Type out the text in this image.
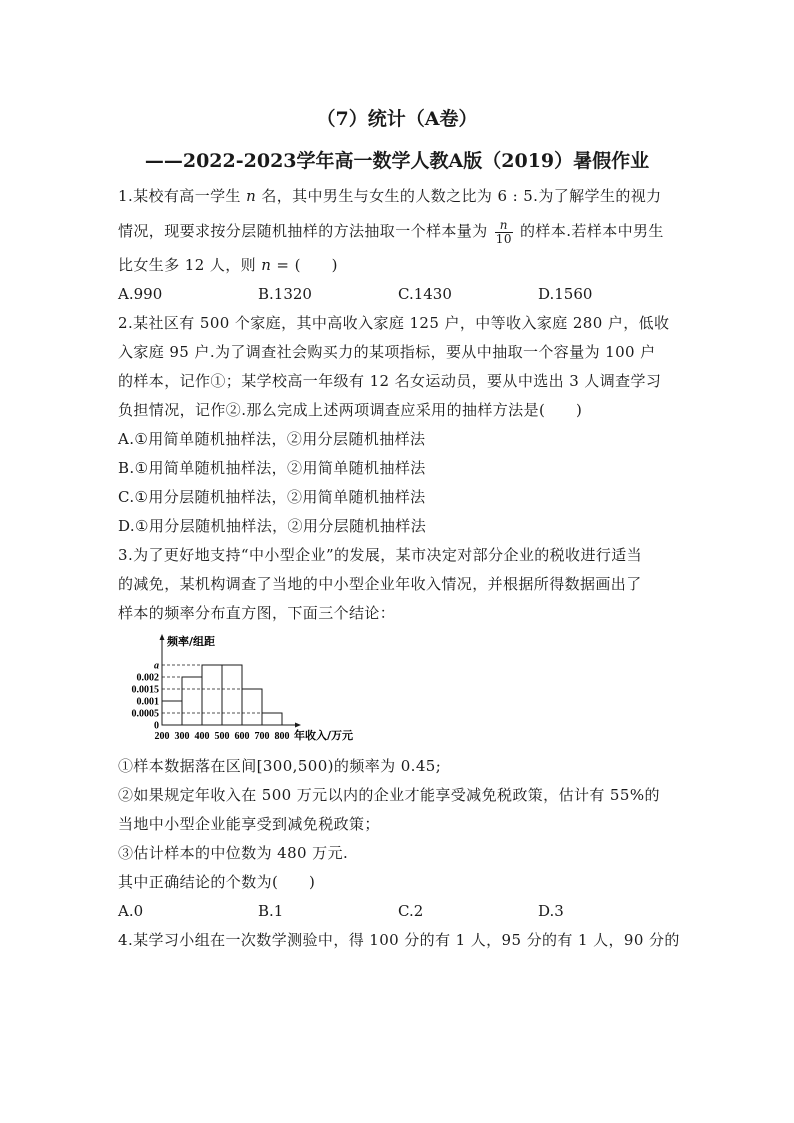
（7）统计（A卷）
——2022-2023学年高一数学人教A版（2019）暑假作业
1.某校有高一学生 n 名，其中男生与女生的人数之比为 6 : 5.为了解学生的视力
情况，现要求按分层随机抽样的方法抽取一个样本量为 $\frac{n}{10}$ 的样本.若样本中男生
比女生多 12 人，则 n = (　　)
A.990	B.1320	C.1430	D.1560
2.某社区有 500 个家庭，其中高收入家庭 125 户，中等收入家庭 280 户，低收
入家庭 95 户.为了调查社会购买力的某项指标，要从中抽取一个容量为 100 户
的样本，记作①；某学校高一年级有 12 名女运动员，要从中选出 3 人调查学习
负担情况，记作②.那么完成上述两项调查应采用的抽样方法是(　　)
A.①用简单随机抽样法，②用分层随机抽样法
B.①用简单随机抽样法，②用简单随机抽样法
C.①用分层随机抽样法，②用简单随机抽样法
D.①用分层随机抽样法，②用分层随机抽样法
3.为了更好地支持“中小型企业”的发展，某市决定对部分企业的税收进行适当
的减免，某机构调查了当地的中小型企业年收入情况，并根据所得数据画出了
样本的频率分布直方图，下面三个结论：
0
0.0005
0.001
0.0015
0.002
a
200 300 400 500 600 700 800 年收入/万元
频率/组距
①样本数据落在区间[300,500)的频率为 0.45;
②如果规定年收入在 500 万元以内的企业才能享受减免税政策，估计有 55%的
当地中小型企业能享受到减免税政策；
③估计样本的中位数为 480 万元.
其中正确结论的个数为(　　)
A.0	B.1	C.2	D.3
4.某学习小组在一次数学测验中，得 100 分的有 1 人，95 分的有 1 人，90 分的
